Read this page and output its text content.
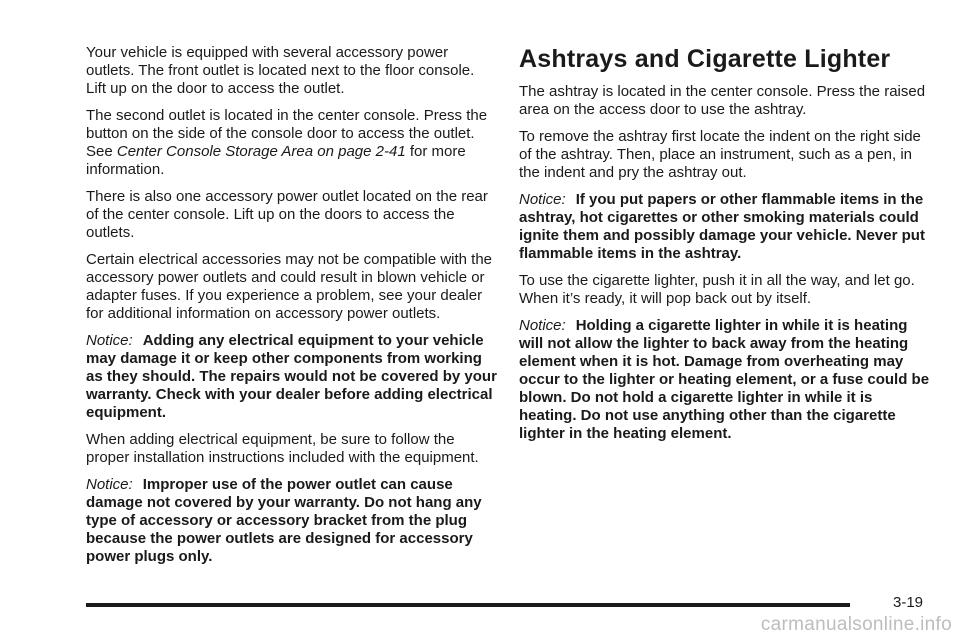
Your vehicle is equipped with several accessory power outlets. The front outlet is located next to the floor console. Lift up on the door to access the outlet.

The second outlet is located in the center console. Press the button on the side of the console door to access the outlet. See Center Console Storage Area on page 2-41 for more information.

There is also one accessory power outlet located on the rear of the center console. Lift up on the doors to access the outlets.

Certain electrical accessories may not be compatible with the accessory power outlets and could result in blown vehicle or adapter fuses. If you experience a problem, see your dealer for additional information on accessory power outlets.

Notice: Adding any electrical equipment to your vehicle may damage it or keep other components from working as they should. The repairs would not be covered by your warranty. Check with your dealer before adding electrical equipment.

When adding electrical equipment, be sure to follow the proper installation instructions included with the equipment.

Notice: Improper use of the power outlet can cause damage not covered by your warranty. Do not hang any type of accessory or accessory bracket from the plug because the power outlets are designed for accessory power plugs only.

Ashtrays and Cigarette Lighter

The ashtray is located in the center console. Press the raised area on the access door to use the ashtray.

To remove the ashtray first locate the indent on the right side of the ashtray. Then, place an instrument, such as a pen, in the indent and pry the ashtray out.

Notice: If you put papers or other flammable items in the ashtray, hot cigarettes or other smoking materials could ignite them and possibly damage your vehicle. Never put flammable items in the ashtray.

To use the cigarette lighter, push it in all the way, and let go. When it’s ready, it will pop back out by itself.

Notice: Holding a cigarette lighter in while it is heating will not allow the lighter to back away from the heating element when it is hot. Damage from overheating may occur to the lighter or heating element, or a fuse could be blown. Do not hold a cigarette lighter in while it is heating. Do not use anything other than the cigarette lighter in the heating element.

3-19
carmanualsonline.info
